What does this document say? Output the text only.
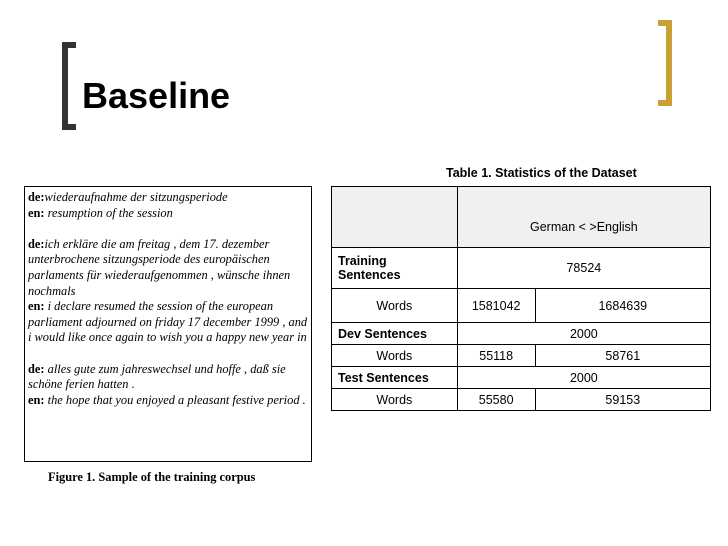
Baseline

de:wiederaufnahme der sitzungsperiode

en: resumption of the session

de:ich erkläre die am freitag , dem 17. dezember unterbrochene sitzungsperiode des europäischen parlaments für wiederaufgenommen , wünsche ihnen nochmals

en: i declare resumed the session of the european parliament adjourned on friday 17 december 1999 , and i would like once again to wish you a happy new year in

de: alles gute zum jahreswechsel und hoffe , daß sie schöne ferien hatten .

en: the hope that you enjoyed a pleasant festive period .

Figure 1. Sample of the training corpus
Table 1. Statistics of the Dataset
	German < >English	
Training Sentences	78524	
Words	1581042	1684639
Dev Sentences	2000	
Words	55118	58761
Test Sentences	2000	
Words	55580	59153
